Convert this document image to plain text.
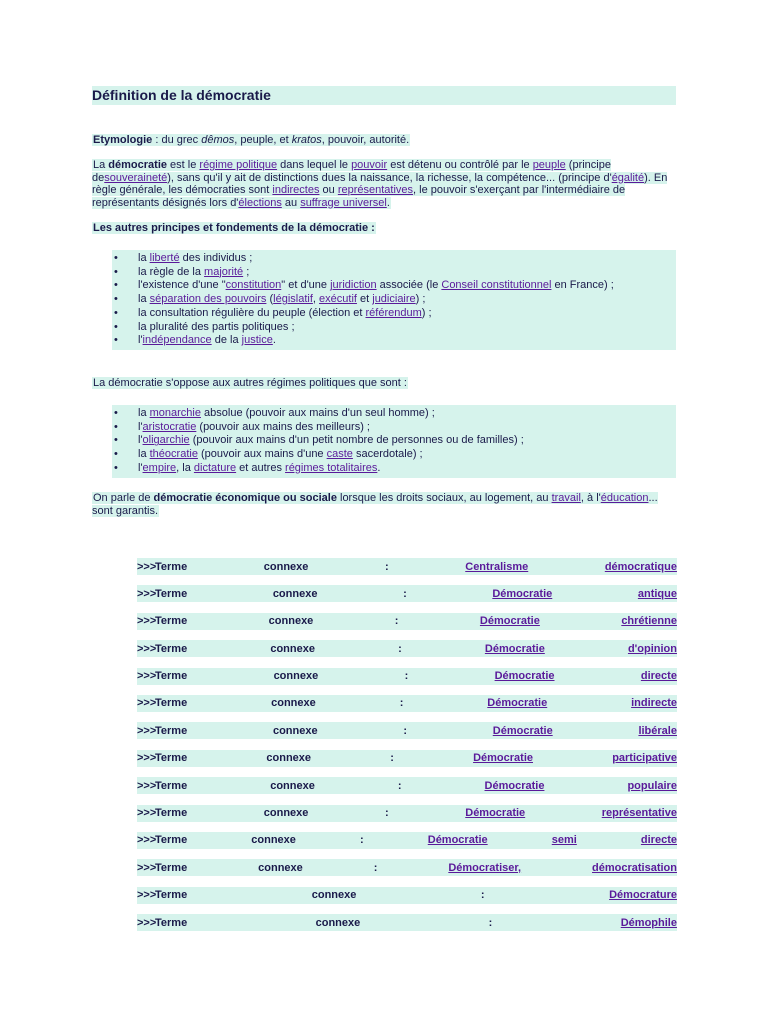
Définition de la démocratie
Etymologie : du grec dêmos, peuple, et kratos, pouvoir, autorité.
La démocratie est le régime politique dans lequel le pouvoir est détenu ou contrôlé par le peuple (principe desouveraineté), sans qu'il y ait de distinctions dues la naissance, la richesse, la compétence... (principe d'égalité). En règle générale, les démocraties sont indirectes ou représentatives, le pouvoir s'exerçant par l'intermédiaire de représentants désignés lors d'élections au suffrage universel.
Les autres principes et fondements de la démocratie :
• la liberté des individus ;
• la règle de la majorité ;
• l'existence d'une "constitution" et d'une juridiction associée (le Conseil constitutionnel en France) ;
• la séparation des pouvoirs (législatif, exécutif et judiciaire) ;
• la consultation régulière du peuple (élection et référendum) ;
• la pluralité des partis politiques ;
• l'indépendance de la justice.
La démocratie s'oppose aux autres régimes politiques que sont :
• la monarchie absolue (pouvoir aux mains d'un seul homme) ;
• l'aristocratie (pouvoir aux mains des meilleurs) ;
• l'oligarchie (pouvoir aux mains d'un petit nombre de personnes ou de familles) ;
• la théocratie (pouvoir aux mains d'une caste sacerdotale) ;
• l'empire, la dictature et autres régimes totalitaires.
On parle de démocratie économique ou sociale lorsque les droits sociaux, au logement, au travail, à l'éducation... sont garantis.
>>>
Terme	connexe	:	Centralisme	démocratique
>>>
Terme	connexe	:	Démocratie	antique
>>>
Terme	connexe	:	Démocratie	chrétienne
>>>
Terme	connexe	:	Démocratie	d'opinion
>>>
Terme	connexe	:	Démocratie	directe
>>>
Terme	connexe	:	Démocratie	indirecte
>>>
Terme	connexe	:	Démocratie	libérale
>>>
Terme	connexe	:	Démocratie	participative
>>>
Terme	connexe	:	Démocratie	populaire
>>>
Terme	connexe	:	Démocratie	représentative
>>>
Terme	connexe	:	Démocratie	semi	directe
>>>
Terme	connexe	:	Démocratiser,	démocratisation
>>>
Terme	connexe	:	Démocrature
>>>
Terme	connexe	:	Démophile
